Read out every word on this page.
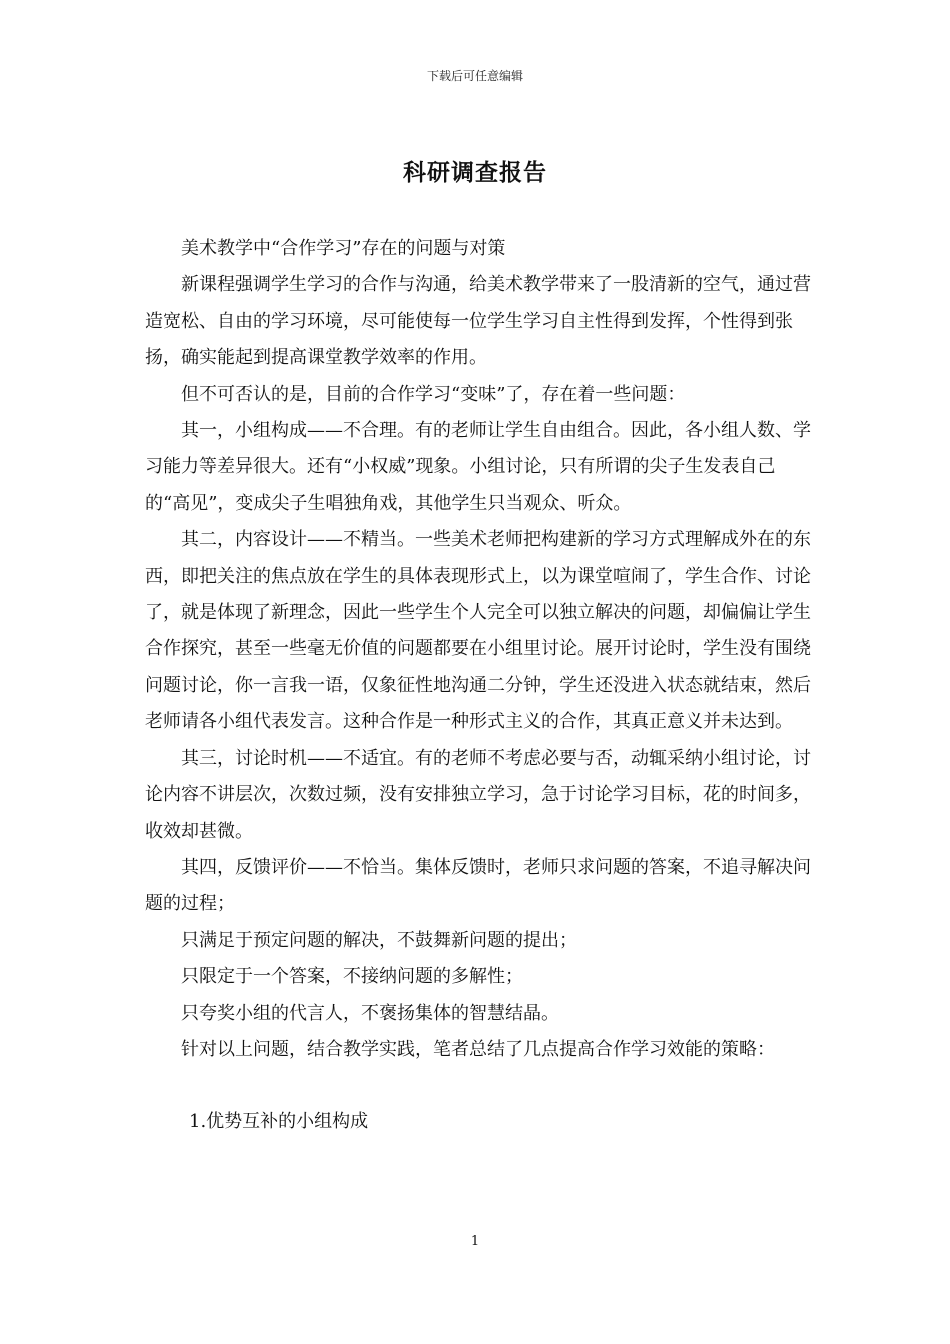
下载后可任意编辑
科研调查报告

美术教学中“合作学习”存在的问题与对策

新课程强调学生学习的合作与沟通，给美术教学带来了一股清新的空气，通过营造宽松、自由的学习环境，尽可能使每一位学生学习自主性得到发挥，个性得到张扬，确实能起到提高课堂教学效率的作用。

但不可否认的是，目前的合作学习“变味”了，存在着一些问题：

其一，小组构成——不合理。有的老师让学生自由组合。因此，各小组人数、学习能力等差异很大。还有“小权威”现象。小组讨论，只有所谓的尖子生发表自己的“高见”，变成尖子生唱独角戏，其他学生只当观众、听众。

其二，内容设计——不精当。一些美术老师把构建新的学习方式理解成外在的东西，即把关注的焦点放在学生的具体表现形式上，以为课堂喧闹了，学生合作、讨论了，就是体现了新理念，因此一些学生个人完全可以独立解决的问题，却偏偏让学生合作探究，甚至一些毫无价值的问题都要在小组里讨论。展开讨论时，学生没有围绕问题讨论，你一言我一语，仅象征性地沟通二分钟，学生还没进入状态就结束，然后老师请各小组代表发言。这种合作是一种形式主义的合作，其真正意义并未达到。

其三，讨论时机——不适宜。有的老师不考虑必要与否，动辄采纳小组讨论，讨论内容不讲层次，次数过频，没有安排独立学习，急于讨论学习目标，花的时间多，收效却甚微。

其四，反馈评价——不恰当。集体反馈时，老师只求问题的答案，不追寻解决问题的过程；

只满足于预定问题的解决，不鼓舞新问题的提出；

只限定于一个答案，不接纳问题的多解性；

只夸奖小组的代言人，不褒扬集体的智慧结晶。

针对以上问题，结合教学实践，笔者总结了几点提高合作学习效能的策略：

1.优势互补的小组构成

1
